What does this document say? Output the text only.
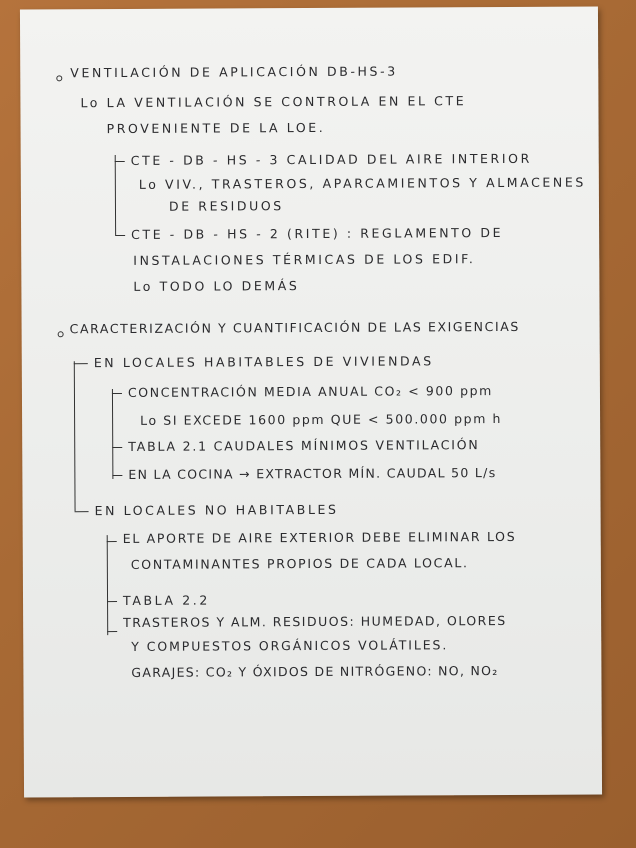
VENTILACIÓN DE APLICACIÓN DB-HS-3
Lo LA VENTILACIÓN SE CONTROLA EN EL CTE
PROVENIENTE DE LA LOE.
CTE - DB - HS - 3 CALIDAD DEL AIRE INTERIOR
Lo VIV., TRASTEROS, APARCAMIENTOS Y ALMACENES
DE RESIDUOS
CTE - DB - HS - 2 (RITE) : REGLAMENTO DE
INSTALACIONES TÉRMICAS DE LOS EDIF.
Lo TODO LO DEMÁS
CARACTERIZACIÓN Y CUANTIFICACIÓN DE LAS EXIGENCIAS
EN LOCALES HABITABLES DE VIVIENDAS
CONCENTRACIÓN MEDIA ANUAL CO₂ < 900 ppm
Lo SI EXCEDE 1600 ppm QUE < 500.000 ppm h
TABLA 2.1 CAUDALES MÍNIMOS VENTILACIÓN
EN LA COCINA → EXTRACTOR MÍN. CAUDAL 50 L/s
EN LOCALES NO HABITABLES
EL APORTE DE AIRE EXTERIOR DEBE ELIMINAR LOS
CONTAMINANTES PROPIOS DE CADA LOCAL.
TABLA 2.2
TRASTEROS Y ALM. RESIDUOS: HUMEDAD, OLORES
Y COMPUESTOS ORGÁNICOS VOLÁTILES.
GARAJES: CO₂ Y ÓXIDOS DE NITRÓGENO: NO, NO₂
